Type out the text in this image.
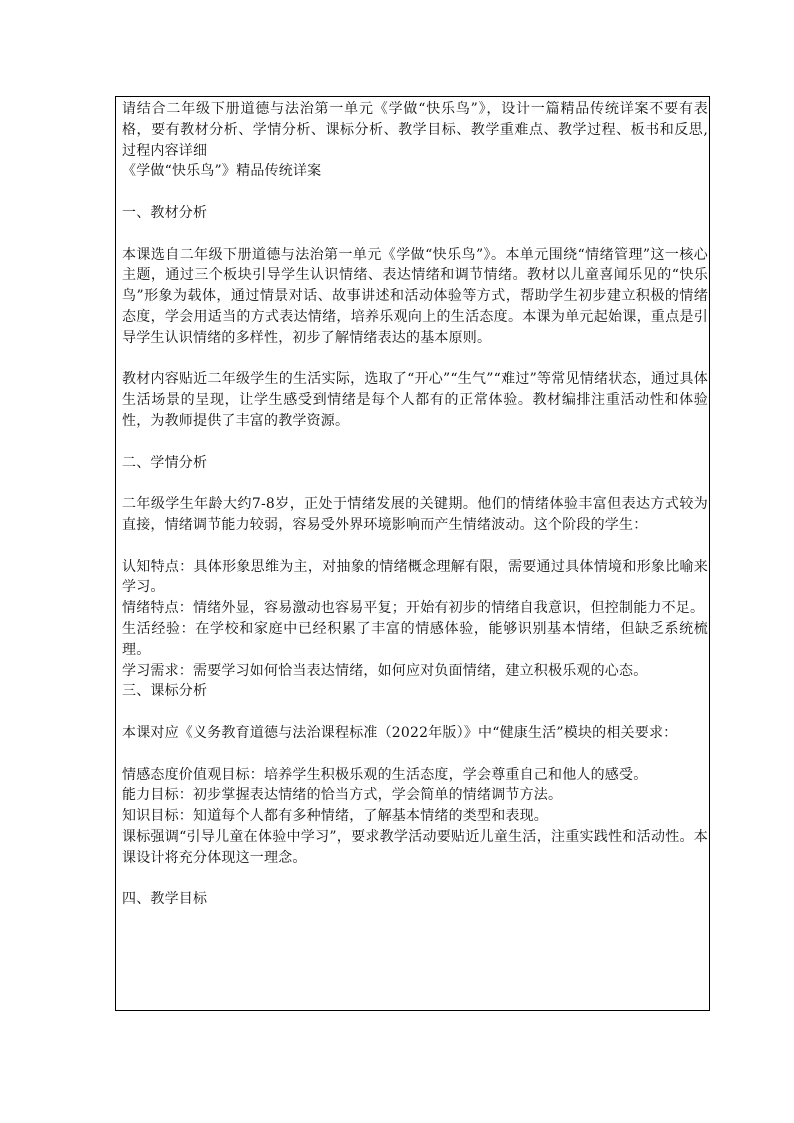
请结合二年级下册道德与法治第一单元《学做“快乐鸟”》，设计一篇精品传统详案不要有表格，要有教材分析、学情分析、课标分析、教学目标、教学重难点、教学过程、板书和反思,过程内容详细

《学做“快乐鸟”》精品传统详案

一、教材分析

本课选自二年级下册道德与法治第一单元《学做“快乐鸟”》。本单元围绕“情绪管理”这一核心主题，通过三个板块引导学生认识情绪、表达情绪和调节情绪。教材以儿童喜闻乐见的“快乐鸟”形象为载体，通过情景对话、故事讲述和活动体验等方式，帮助学生初步建立积极的情绪态度，学会用适当的方式表达情绪，培养乐观向上的生活态度。本课为单元起始课，重点是引导学生认识情绪的多样性，初步了解情绪表达的基本原则。

教材内容贴近二年级学生的生活实际，选取了“开心”“生气”“难过”等常见情绪状态，通过具体生活场景的呈现，让学生感受到情绪是每个人都有的正常体验。教材编排注重活动性和体验性，为教师提供了丰富的教学资源。

二、学情分析

二年级学生年龄大约7-8岁，正处于情绪发展的关键期。他们的情绪体验丰富但表达方式较为直接，情绪调节能力较弱，容易受外界环境影响而产生情绪波动。这个阶段的学生：

认知特点：具体形象思维为主，对抽象的情绪概念理解有限，需要通过具体情境和形象比喻来学习。

情绪特点：情绪外显，容易激动也容易平复；开始有初步的情绪自我意识，但控制能力不足。

生活经验：在学校和家庭中已经积累了丰富的情感体验，能够识别基本情绪，但缺乏系统梳理。

学习需求：需要学习如何恰当表达情绪，如何应对负面情绪，建立积极乐观的心态。

三、课标分析

本课对应《义务教育道德与法治课程标准（2022年版）》中“健康生活”模块的相关要求：

情感态度价值观目标：培养学生积极乐观的生活态度，学会尊重自己和他人的感受。

能力目标：初步掌握表达情绪的恰当方式，学会简单的情绪调节方法。

知识目标：知道每个人都有多种情绪，了解基本情绪的类型和表现。

课标强调“引导儿童在体验中学习”，要求教学活动要贴近儿童生活，注重实践性和活动性。本课设计将充分体现这一理念。

四、教学目标
